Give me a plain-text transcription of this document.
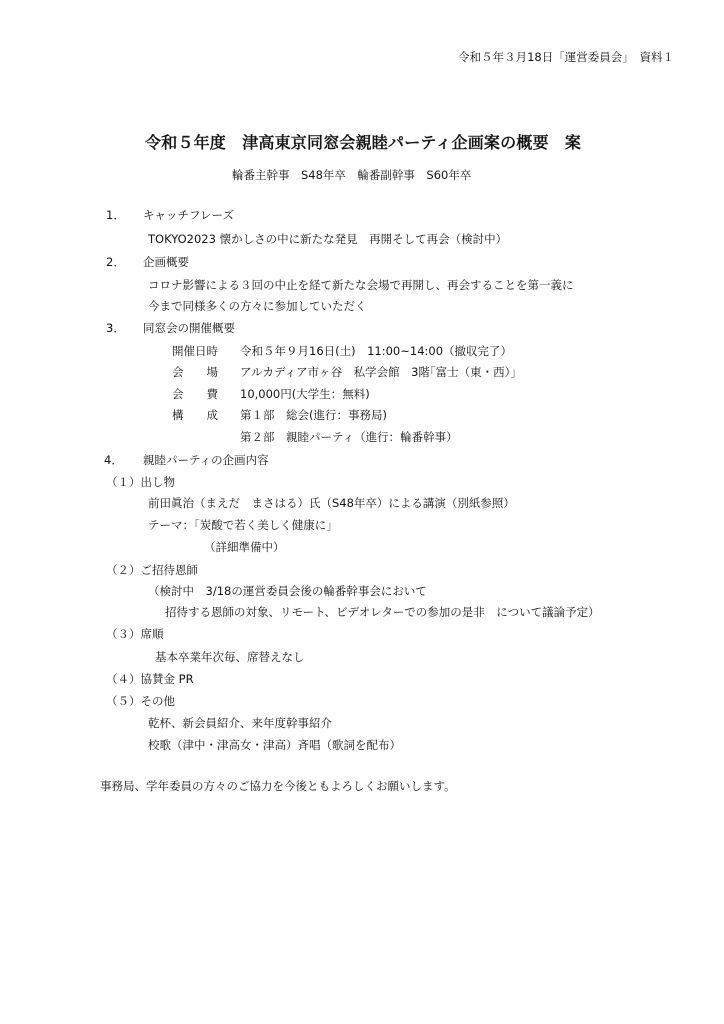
令和５年３月18日「運営委員会」　資料１
令和５年度　津高東京同窓会親睦パーティ企画案の概要　案
輪番主幹事　S48年卒　輪番副幹事　S60年卒
1． キャッチフレーズ
TOKYO2023 懐かしさの中に新たな発見　再開そして再会（検討中）
2． 企画概要
コロナ影響による３回の中止を経て新たな会場で再開し、再会することを第一義に
今まで同様多くの方々に参加していただく
3． 同窓会の開催概要
開催日時 令和５年９月16日(土)　11:00~14:00（撤収完了）
会　　場 アルカディア市ヶ谷　私学会館　3階｢富士（東・西）｣
会　　費 10,000円(大学生：無料)
構　　成 第１部　総会(進行：事務局)
第２部　親睦パーティ（進行：輪番幹事）
4． 親睦パーティの企画内容
（１）出し物
前田眞治（まえだ　まさはる）氏（S48年卒）による講演（別紙参照）
テーマ：｢炭酸で若く美しく健康に｣
（詳細準備中）
（２）ご招待恩師
（検討中　3/18の運営委員会後の輪番幹事会において
招待する恩師の対象、リモート、ビデオレターでの参加の是非　について議論予定）
（３）席順
基本卒業年次毎、席替えなし
（４）協賛金 PR
（５）その他
乾杯、新会員紹介、来年度幹事紹介
校歌（津中・津高女・津高）斉唱（歌詞を配布）
事務局、学年委員の方々のご協力を今後ともよろしくお願いします。
